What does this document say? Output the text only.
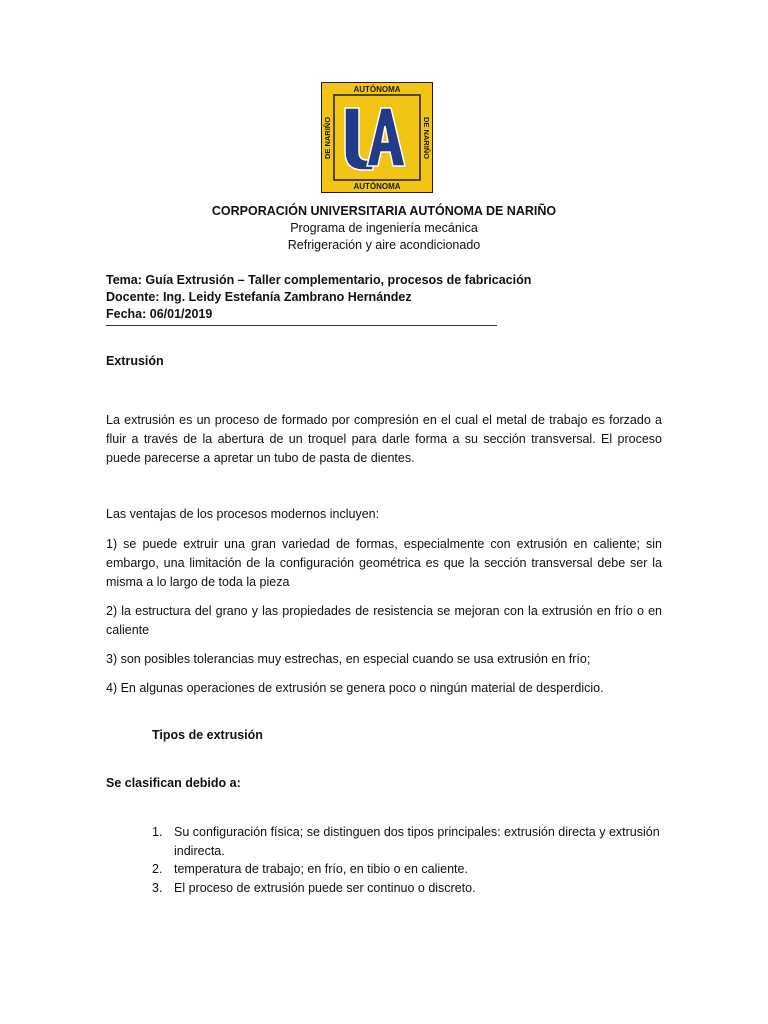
AUTÓNOMA
AUTÓNOMA
DE NARIÑO	DE NARIÑO
CORPORACIÓN UNIVERSITARIA AUTÓNOMA DE NARIÑO
Programa de ingeniería mecánica
Refrigeración y aire acondicionado
Tema: Guía Extrusión – Taller complementario, procesos de fabricación
Docente: Ing. Leidy Estefanía Zambrano Hernández
Fecha: 06/01/2019
Extrusión
La extrusión es un proceso de formado por compresión en el cual el metal de trabajo es forzado a fluir a través de la abertura de un troquel para darle forma a su sección transversal. El proceso puede parecerse a apretar un tubo de pasta de dientes.
Las ventajas de los procesos modernos incluyen:
1) se puede extruir una gran variedad de formas, especialmente con extrusión en caliente; sin embargo, una limitación de la configuración geométrica es que la sección transversal debe ser la misma a lo largo de toda la pieza
2) la estructura del grano y las propiedades de resistencia se mejoran con la extrusión en frío o en caliente
3) son posibles tolerancias muy estrechas, en especial cuando se usa extrusión en frío;
4) En algunas operaciones de extrusión se genera poco o ningún material de desperdicio.
Tipos de extrusión
Se clasifican debido a:
1. Su configuración física; se distinguen dos tipos principales: extrusión directa y extrusión indirecta.
2. temperatura de trabajo; en frío, en tibio o en caliente.
3. El proceso de extrusión puede ser continuo o discreto.
